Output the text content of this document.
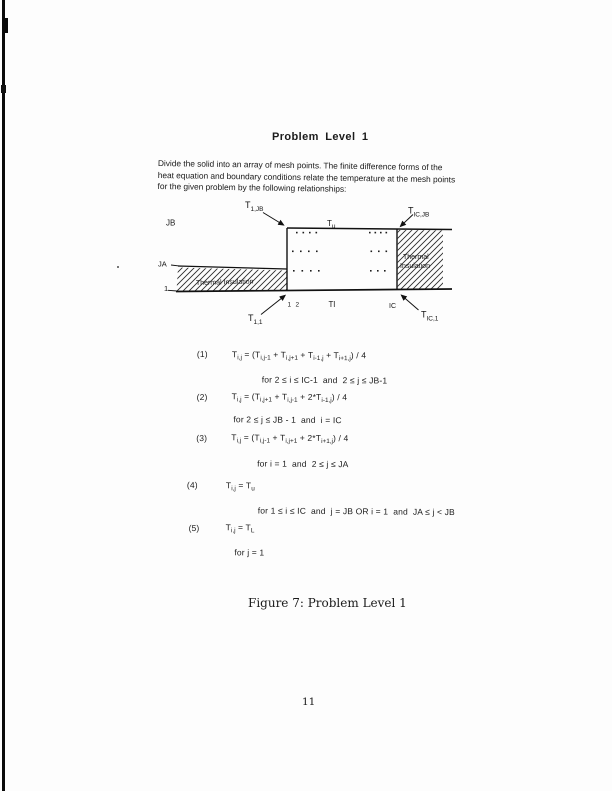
Problem Level 1
Divide the solid into an array of mesh points. The finite difference forms of the
heat equation and boundary conditions relate the temperature at the mesh points
for the given problem by the following relationships:
JB
JA
1
$T_{1,JB}$
$T_u$
$T_{IC,JB}$
1 2	Tl	IC
$T_{1,1}$
$T_{IC,1}$
Thermal Insulation
Thermal
Insulation
(1)	$T_{i,j} = (T_{i,j-1} + T_{i,j+1} + T_{i-1,j} + T_{i+1,j}) / 4$
for 2 ≤ i ≤ IC-1  and  2 ≤ j ≤ JB-1
(2)	$T_{i,j} = (T_{i,j+1} + T_{i,j-1} + 2*T_{i-1,j}) / 4$
for 2 ≤ j ≤ JB - 1  and  i = IC
(3)	$T_{i,j} = (T_{i,j-1} + T_{i,j+1} + 2*T_{i+1,j}) / 4$
for i = 1  and  2 ≤ j ≤ JA
(4)	$T_{i,j} = T_u$
for 1 ≤ i ≤ IC  and  j = JB OR i = 1  and  JA ≤ j < JB
(5)	$T_{i,j} = T_L$
for j = 1
Figure 7: Problem Level 1
11
